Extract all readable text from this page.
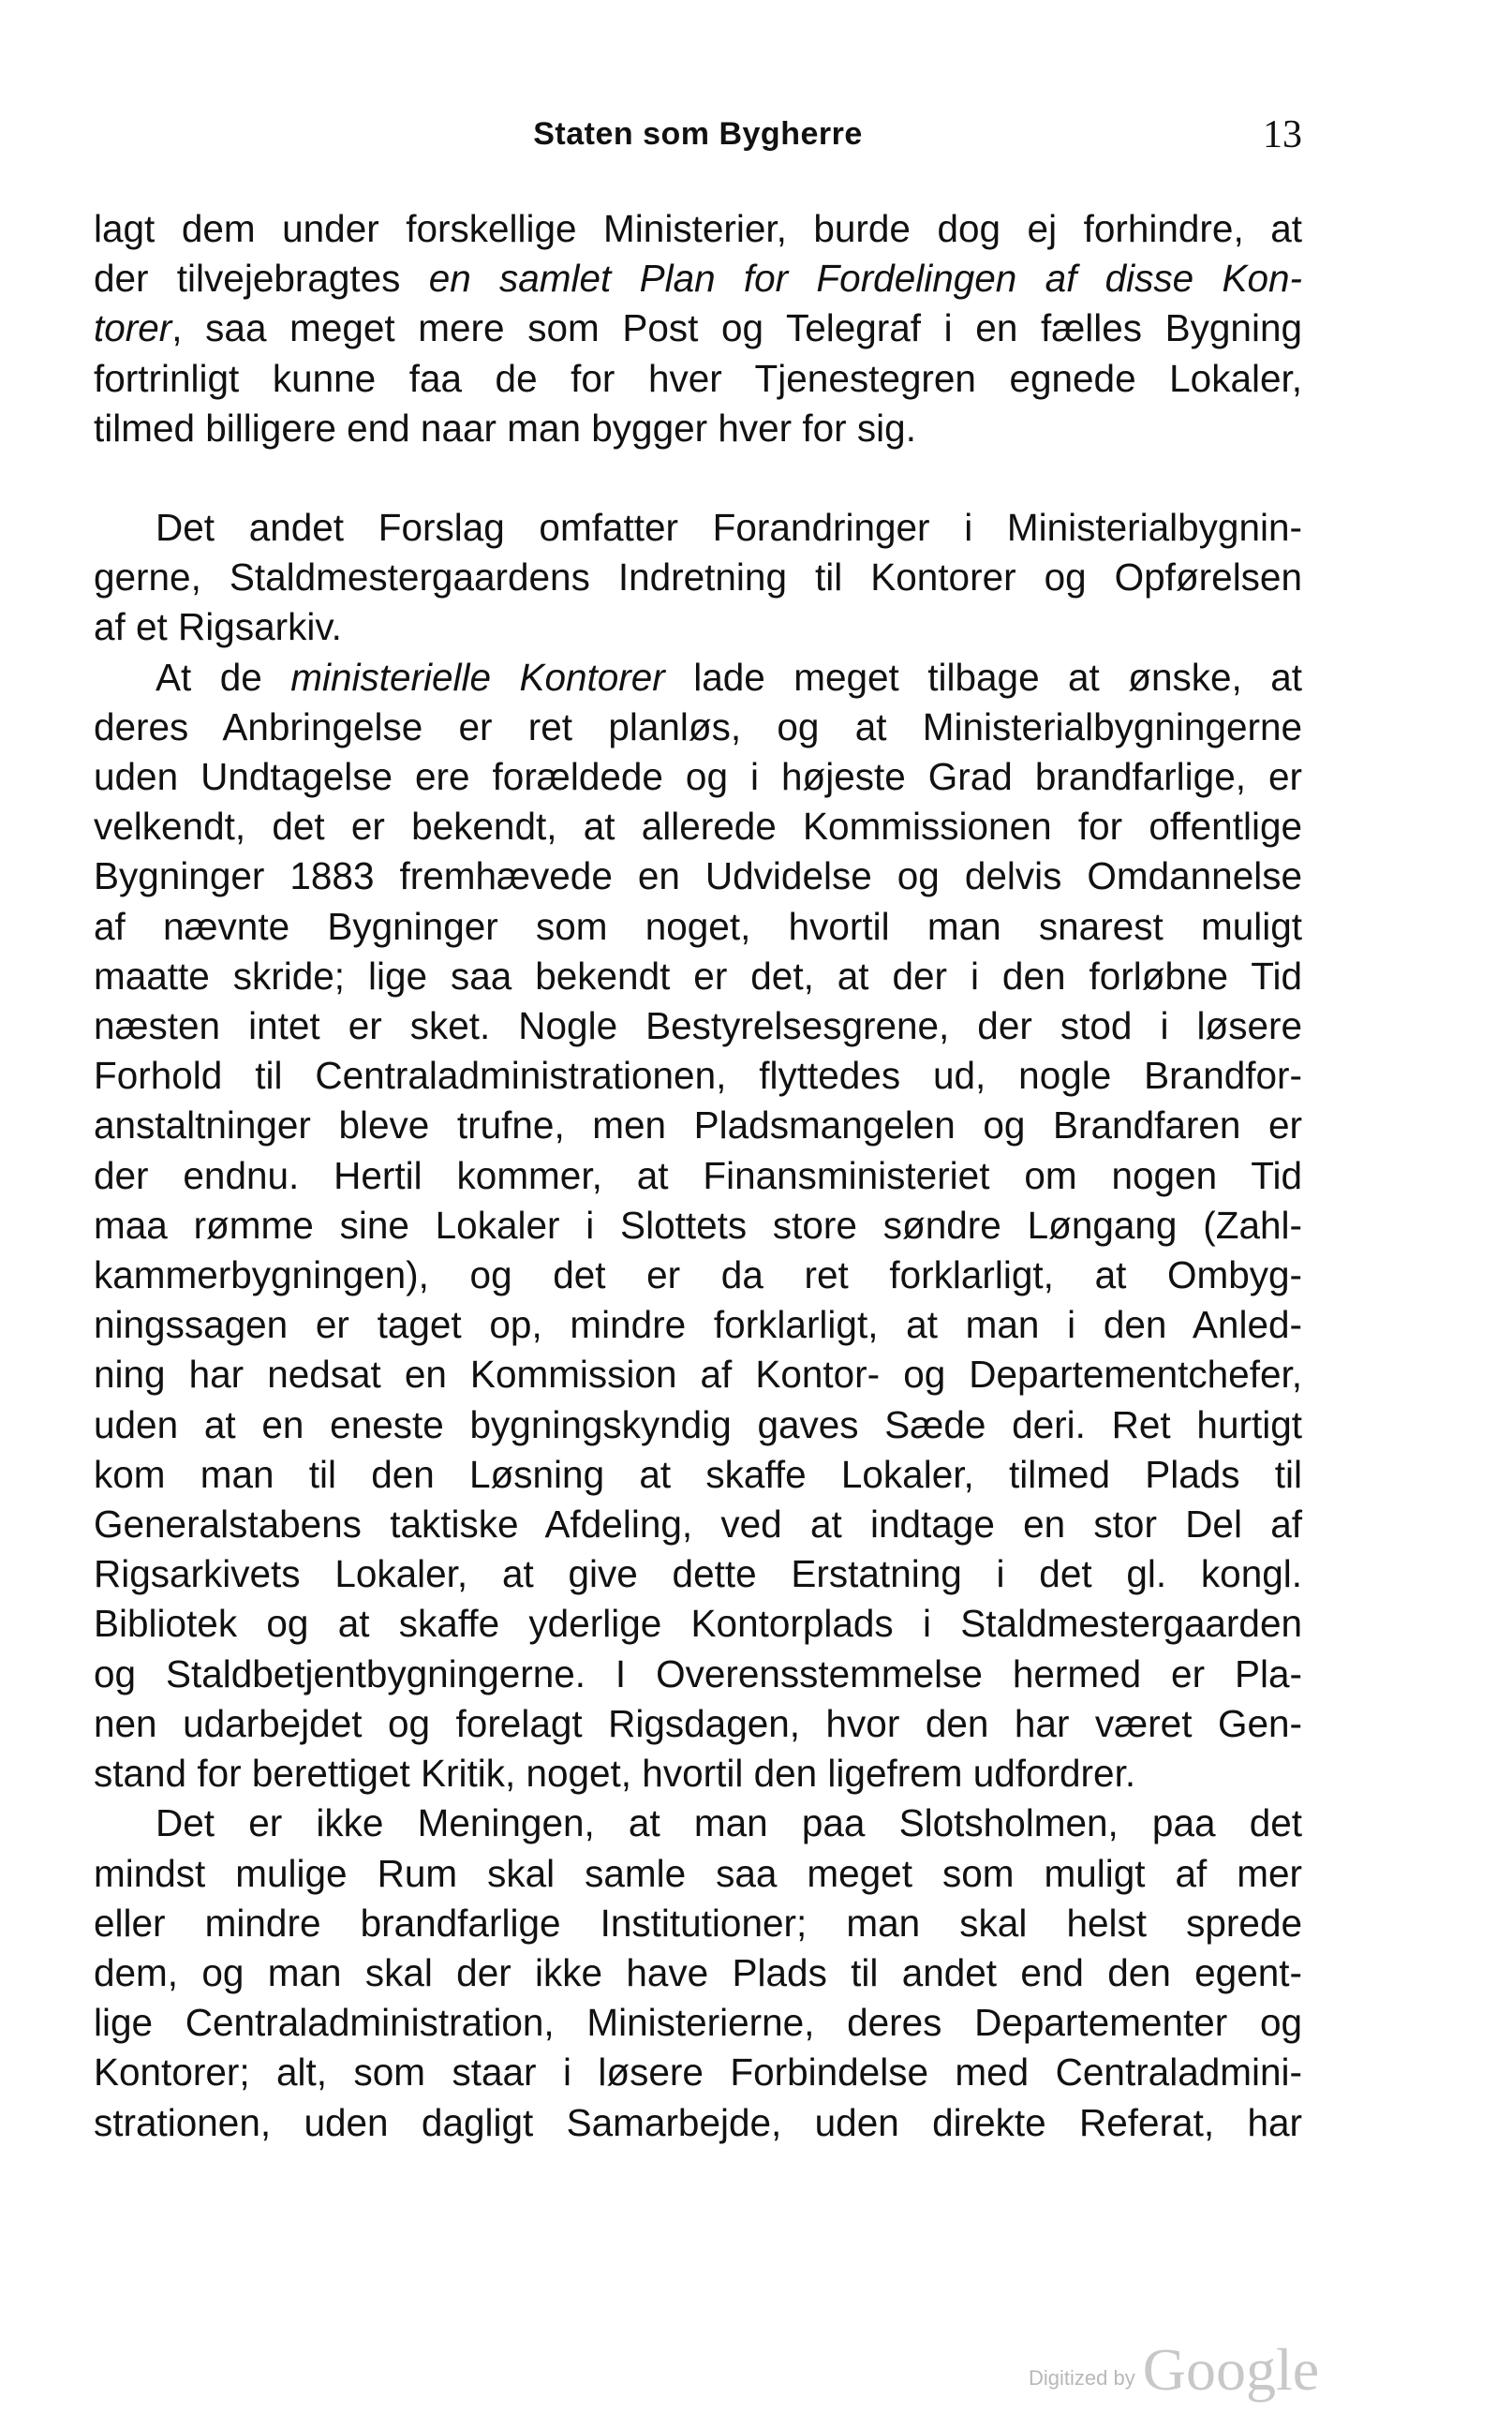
Staten som Bygherre	13

lagt dem under forskellige Ministerier, burde dog ej forhindre, at
der tilvejebragtes en samlet Plan for Fordelingen af disse Kon-
torer, saa meget mere som Post og Telegraf i en fælles Bygning
fortrinligt kunne faa de for hver Tjenestegren egnede Lokaler,
tilmed billigere end naar man bygger hver for sig.

Det andet Forslag omfatter Forandringer i Ministerialbygnin-
gerne, Staldmestergaardens Indretning til Kontorer og Opførelsen
af et Rigsarkiv.

At de ministerielle Kontorer lade meget tilbage at ønske, at
deres Anbringelse er ret planløs, og at Ministerialbygningerne
uden Undtagelse ere forældede og i højeste Grad brandfarlige, er
velkendt, det er bekendt, at allerede Kommissionen for offentlige
Bygninger 1883 fremhævede en Udvidelse og delvis Omdannelse
af nævnte Bygninger som noget, hvortil man snarest muligt
maatte skride; lige saa bekendt er det, at der i den forløbne Tid
næsten intet er sket. Nogle Bestyrelsesgrene, der stod i løsere
Forhold til Centraladministrationen, flyttedes ud, nogle Brandfor-
anstaltninger bleve trufne, men Pladsmangelen og Brandfaren er
der endnu. Hertil kommer, at Finansministeriet om nogen Tid
maa rømme sine Lokaler i Slottets store søndre Løngang (Zahl-
kammerbygningen), og det er da ret forklarligt, at Ombyg-
ningssagen er taget op, mindre forklarligt, at man i den Anled-
ning har nedsat en Kommission af Kontor- og Departementchefer,
uden at en eneste bygningskyndig gaves Sæde deri. Ret hurtigt
kom man til den Løsning at skaffe Lokaler, tilmed Plads til
Generalstabens taktiske Afdeling, ved at indtage en stor Del af
Rigsarkivets Lokaler, at give dette Erstatning i det gl. kongl.
Bibliotek og at skaffe yderlige Kontorplads i Staldmestergaarden
og Staldbetjentbygningerne. I Overensstemmelse hermed er Pla-
nen udarbejdet og forelagt Rigsdagen, hvor den har været Gen-
stand for berettiget Kritik, noget, hvortil den ligefrem udfordrer.

Det er ikke Meningen, at man paa Slotsholmen, paa det
mindst mulige Rum skal samle saa meget som muligt af mer
eller mindre brandfarlige Institutioner; man skal helst sprede
dem, og man skal der ikke have Plads til andet end den egent-
lige Centraladministration, Ministerierne, deres Departementer og
Kontorer; alt, som staar i løsere Forbindelse med Centraladmini-
strationen, uden dagligt Samarbejde, uden direkte Referat, har

Digitized by Google
